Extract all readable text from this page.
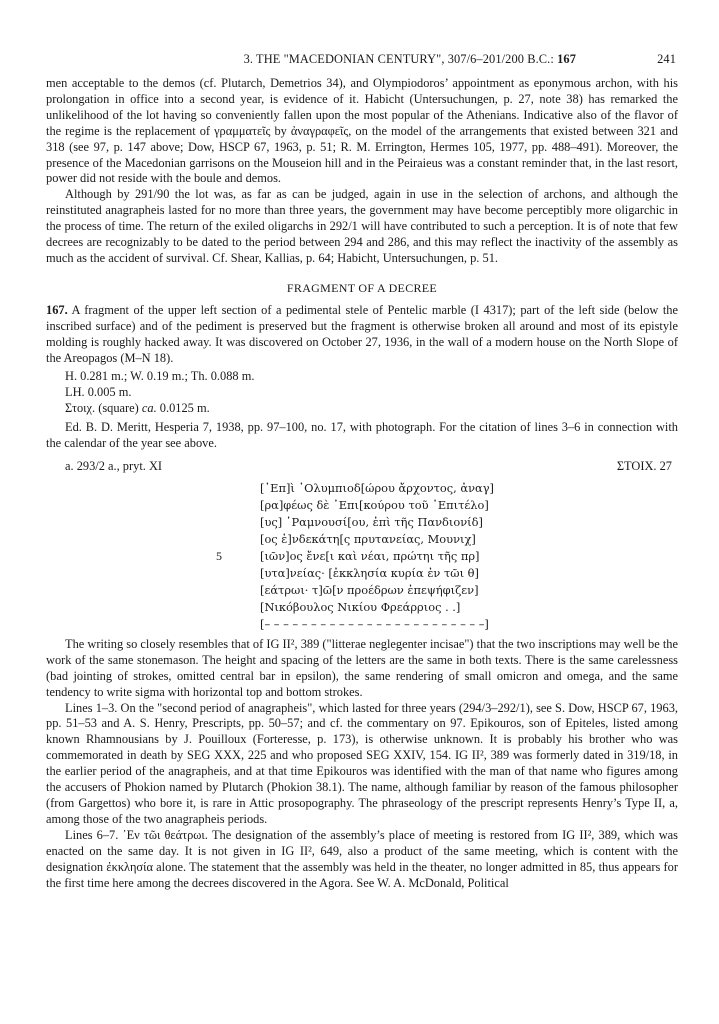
3. THE "MACEDONIAN CENTURY", 307/6–201/200 B.C.: 167	241

men acceptable to the demos (cf. Plutarch, Demetrios 34), and Olympiodoros’ appointment as eponymous archon, with his prolongation in office into a second year, is evidence of it. Habicht (Untersuchungen, p. 27, note 38) has remarked the unlikelihood of the lot having so conveniently fallen upon the most popular of the Athenians. Indicative also of the flavor of the regime is the replacement of γραμματεῖς by ἀναγραφεῖς, on the model of the arrangements that existed between 321 and 318 (see 97, p. 147 above; Dow, HSCP 67, 1963, p. 51; R. M. Errington, Hermes 105, 1977, pp. 488–491). Moreover, the presence of the Macedonian garrisons on the Mouseion hill and in the Peiraieus was a constant reminder that, in the last resort, power did not reside with the boule and demos.

Although by 291/90 the lot was, as far as can be judged, again in use in the selection of archons, and although the reinstituted anagrapheis lasted for no more than three years, the government may have become perceptibly more oligarchic in the process of time. The return of the exiled oligarchs in 292/1 will have contributed to such a perception. It is of note that few decrees are recognizably to be dated to the period between 294 and 286, and this may reflect the inactivity of the assembly as much as the accident of survival. Cf. Shear, Kallias, p. 64; Habicht, Untersuchungen, p. 51.

FRAGMENT OF A DECREE

167. A fragment of the upper left section of a pedimental stele of Pentelic marble (I 4317); part of the left side (below the inscribed surface) and of the pediment is preserved but the fragment is otherwise broken all around and most of its epistyle molding is roughly hacked away. It was discovered on October 27, 1936, in the wall of a modern house on the North Slope of the Areopagos (M–N 18).

H. 0.281 m.; W. 0.19 m.; Th. 0.088 m.
LH. 0.005 m.
Στοιχ. (square) ca. 0.0125 m.

Ed. B. D. Meritt, Hesperia 7, 1938, pp. 97–100, no. 17, with photograph. For the citation of lines 3–6 in connection with the calendar of the year see above.

a. 293/2 a., pryt. XI	ΣΤΟΙΧ. 27
[᾿Επ]ὶ ᾿Ολυμπιοδ[ώρου ἄρχοντος, ἀναγ]
[ρα]φέως δὲ ᾿Επι[κούρου τοῦ ᾿Επιτέλο]
[υς] ῾Ραμνουσί[ου, ἐπὶ τῆς Πανδιονίδ]
[ος ἑ]νδεκάτη[ς πρυτανείας, Μουνιχ]
5	[ιῶν]ος ἔνε[ι καὶ νέαι, πρώτηι τῆς πρ]
[υτα]νείας· [ἐκκλησία κυρία ἐν τῶι θ]
[εάτρωι· τ]ῶ[ν προέδρων ἐπεψήφιζεν]
[Νικόβουλος Νικίου Φρεάρριος . .]
[– – – – – – – – – – – – – – – – – – – – – – – –]

The writing so closely resembles that of IG II², 389 ("litterae neglegenter incisae") that the two inscriptions may well be the work of the same stonemason. The height and spacing of the letters are the same in both texts. There is the same carelessness (bad jointing of strokes, omitted central bar in epsilon), the same rendering of small omicron and omega, and the same tendency to write sigma with horizontal top and bottom strokes.

Lines 1–3. On the "second period of anagrapheis", which lasted for three years (294/3–292/1), see S. Dow, HSCP 67, 1963, pp. 51–53 and A. S. Henry, Prescripts, pp. 50–57; and cf. the commentary on 97. Epikouros, son of Epiteles, listed among known Rhamnousians by J. Pouilloux (Forteresse, p. 173), is otherwise unknown. It is probably his brother who was commemorated in death by SEG XXX, 225 and who proposed SEG XXIV, 154. IG II², 389 was formerly dated in 319/18, in the earlier period of the anagrapheis, and at that time Epikouros was identified with the man of that name who figures among the accusers of Phokion named by Plutarch (Phokion 38.1). The name, although familiar by reason of the famous philosopher (from Gargettos) who bore it, is rare in Attic prosopography. The phraseology of the prescript represents Henry’s Type II, a, among those of the two anagrapheis periods.

Lines 6–7. ᾿Εν τῶι θεάτρωι. The designation of the assembly’s place of meeting is restored from IG II², 389, which was enacted on the same day. It is not given in IG II², 649, also a product of the same meeting, which is content with the designation ἐκκλησία alone. The statement that the assembly was held in the theater, no longer admitted in 85, thus appears for the first time here among the decrees discovered in the Agora. See W. A. McDonald, Political
